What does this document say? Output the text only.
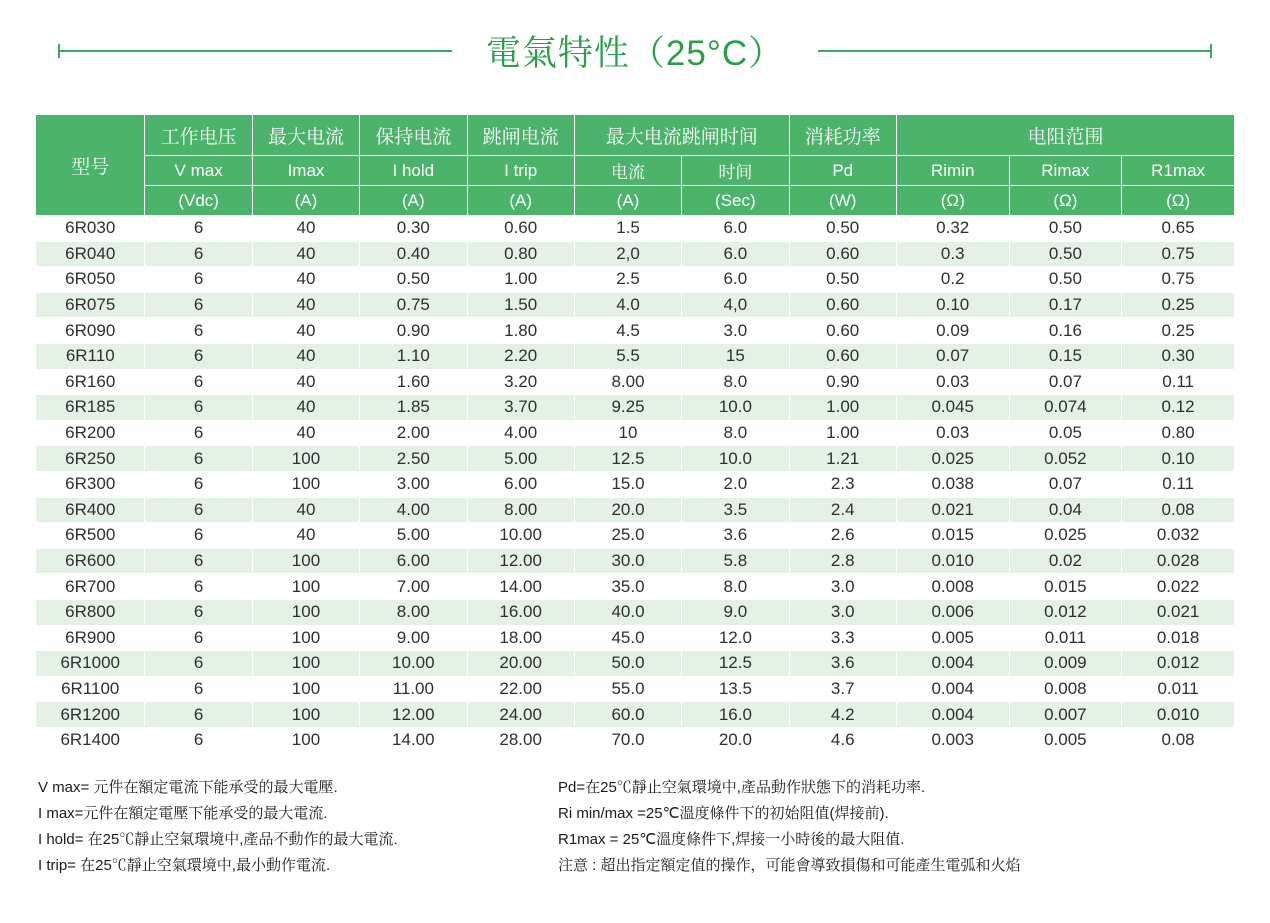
電氣特性（25°C）
型号	工作电压	最大电流	保持电流	跳闸电流	最大电流跳闸时间		消耗功率	电阻范围		
	V max	Imax	I hold	I trip	电流	时间	Pd	Rimin	Rimax	R1max
	(Vdc)	(A)	(A)	(A)	(A)	(Sec)	(W)	(Ω)	(Ω)	(Ω)
6R030	6	40	0.30	0.60	1.5	6.0	0.50	0.32	0.50	0.65
6R040	6	40	0.40	0.80	2,0	6.0	0.60	0.3	0.50	0.75
6R050	6	40	0.50	1.00	2.5	6.0	0.50	0.2	0.50	0.75
6R075	6	40	0.75	1.50	4.0	4,0	0.60	0.10	0.17	0.25
6R090	6	40	0.90	1.80	4.5	3.0	0.60	0.09	0.16	0.25
6R110	6	40	1.10	2.20	5.5	15	0.60	0.07	0.15	0.30
6R160	6	40	1.60	3.20	8.00	8.0	0.90	0.03	0.07	0.11
6R185	6	40	1.85	3.70	9.25	10.0	1.00	0.045	0.074	0.12
6R200	6	40	2.00	4.00	10	8.0	1.00	0.03	0.05	0.80
6R250	6	100	2.50	5.00	12.5	10.0	1.21	0.025	0.052	0.10
6R300	6	100	3.00	6.00	15.0	2.0	2.3	0.038	0.07	0.11
6R400	6	40	4.00	8.00	20.0	3.5	2.4	0.021	0.04	0.08
6R500	6	40	5.00	10.00	25.0	3.6	2.6	0.015	0.025	0.032
6R600	6	100	6.00	12.00	30.0	5.8	2.8	0.010	0.02	0.028
6R700	6	100	7.00	14.00	35.0	8.0	3.0	0.008	0.015	0.022
6R800	6	100	8.00	16.00	40.0	9.0	3.0	0.006	0.012	0.021
6R900	6	100	9.00	18.00	45.0	12.0	3.3	0.005	0.011	0.018
6R1000	6	100	10.00	20.00	50.0	12.5	3.6	0.004	0.009	0.012
6R1100	6	100	11.00	22.00	55.0	13.5	3.7	0.004	0.008	0.011
6R1200	6	100	12.00	24.00	60.0	16.0	4.2	0.004	0.007	0.010
6R1400	6	100	14.00	28.00	70.0	20.0	4.6	0.003	0.005	0.08
V max= 元件在額定電流下能承受的最大電壓.
I max=元件在額定電壓下能承受的最大電流.
I hold= 在25℃靜止空氣環境中,產品不動作的最大電流.
I trip= 在25℃靜止空氣環境中,最小動作電流.
Pd=在25℃靜止空氣環境中,產品動作狀態下的消耗功率.
Ri min/max =25℃溫度條件下的初始阻值(焊接前).
R1max = 25℃溫度條件下,焊接一小時後的最大阻值.
注意 : 超出指定額定值的操作，可能會導致損傷和可能產生電弧和火焰
